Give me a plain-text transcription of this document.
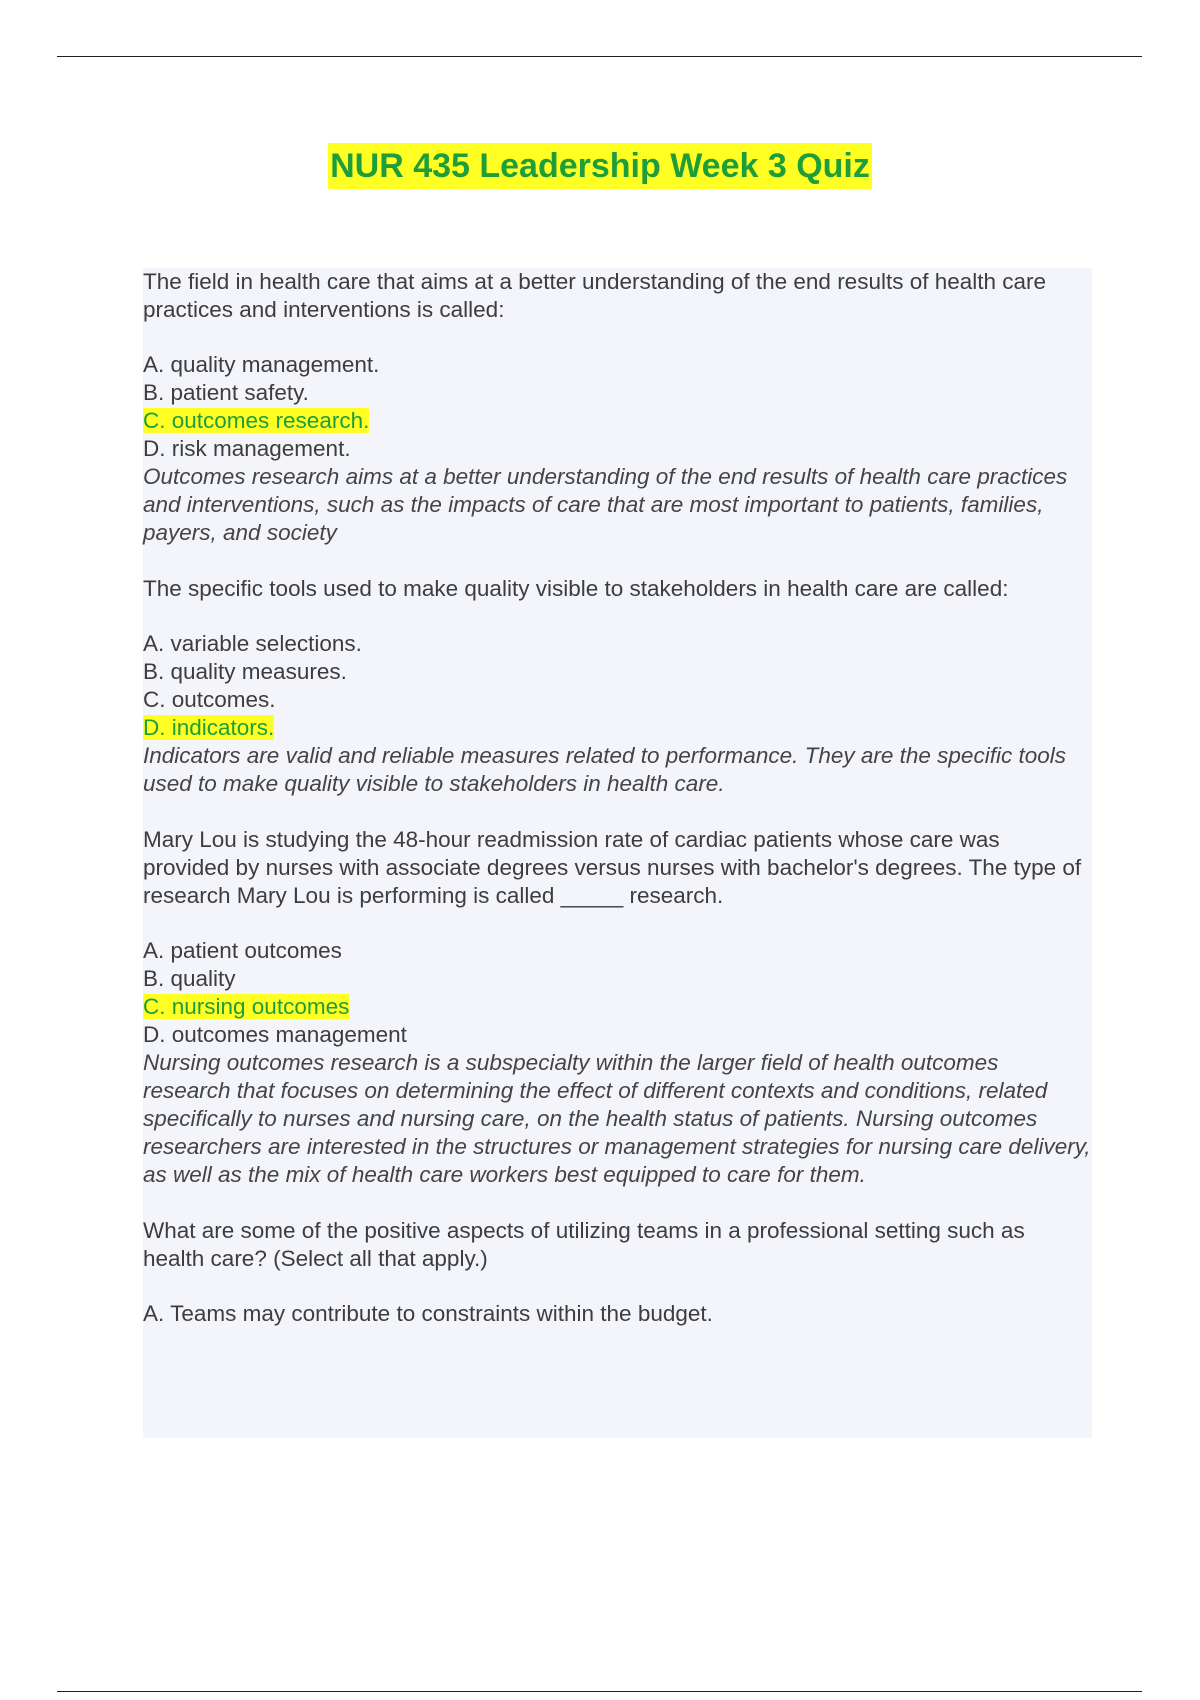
NUR 435 Leadership Week 3 Quiz

The field in health care that aims at a better understanding of the end results of health care practices and interventions is called:

A. quality management.
B. patient safety.
C. outcomes research.
D. risk management.

Outcomes research aims at a better understanding of the end results of health care practices and interventions, such as the impacts of care that are most important to patients, families, payers, and society

The specific tools used to make quality visible to stakeholders in health care are called:

A. variable selections.
B. quality measures.
C. outcomes.
D. indicators.

Indicators are valid and reliable measures related to performance. They are the specific tools used to make quality visible to stakeholders in health care.

Mary Lou is studying the 48-hour readmission rate of cardiac patients whose care was provided by nurses with associate degrees versus nurses with bachelor's degrees. The type of research Mary Lou is performing is called _____ research.

A. patient outcomes
B. quality
C. nursing outcomes
D. outcomes management

Nursing outcomes research is a subspecialty within the larger field of health outcomes research that focuses on determining the effect of different contexts and conditions, related specifically to nurses and nursing care, on the health status of patients. Nursing outcomes researchers are interested in the structures or management strategies for nursing care delivery, as well as the mix of health care workers best equipped to care for them.

What are some of the positive aspects of utilizing teams in a professional setting such as health care? (Select all that apply.)

A. Teams may contribute to constraints within the budget.
